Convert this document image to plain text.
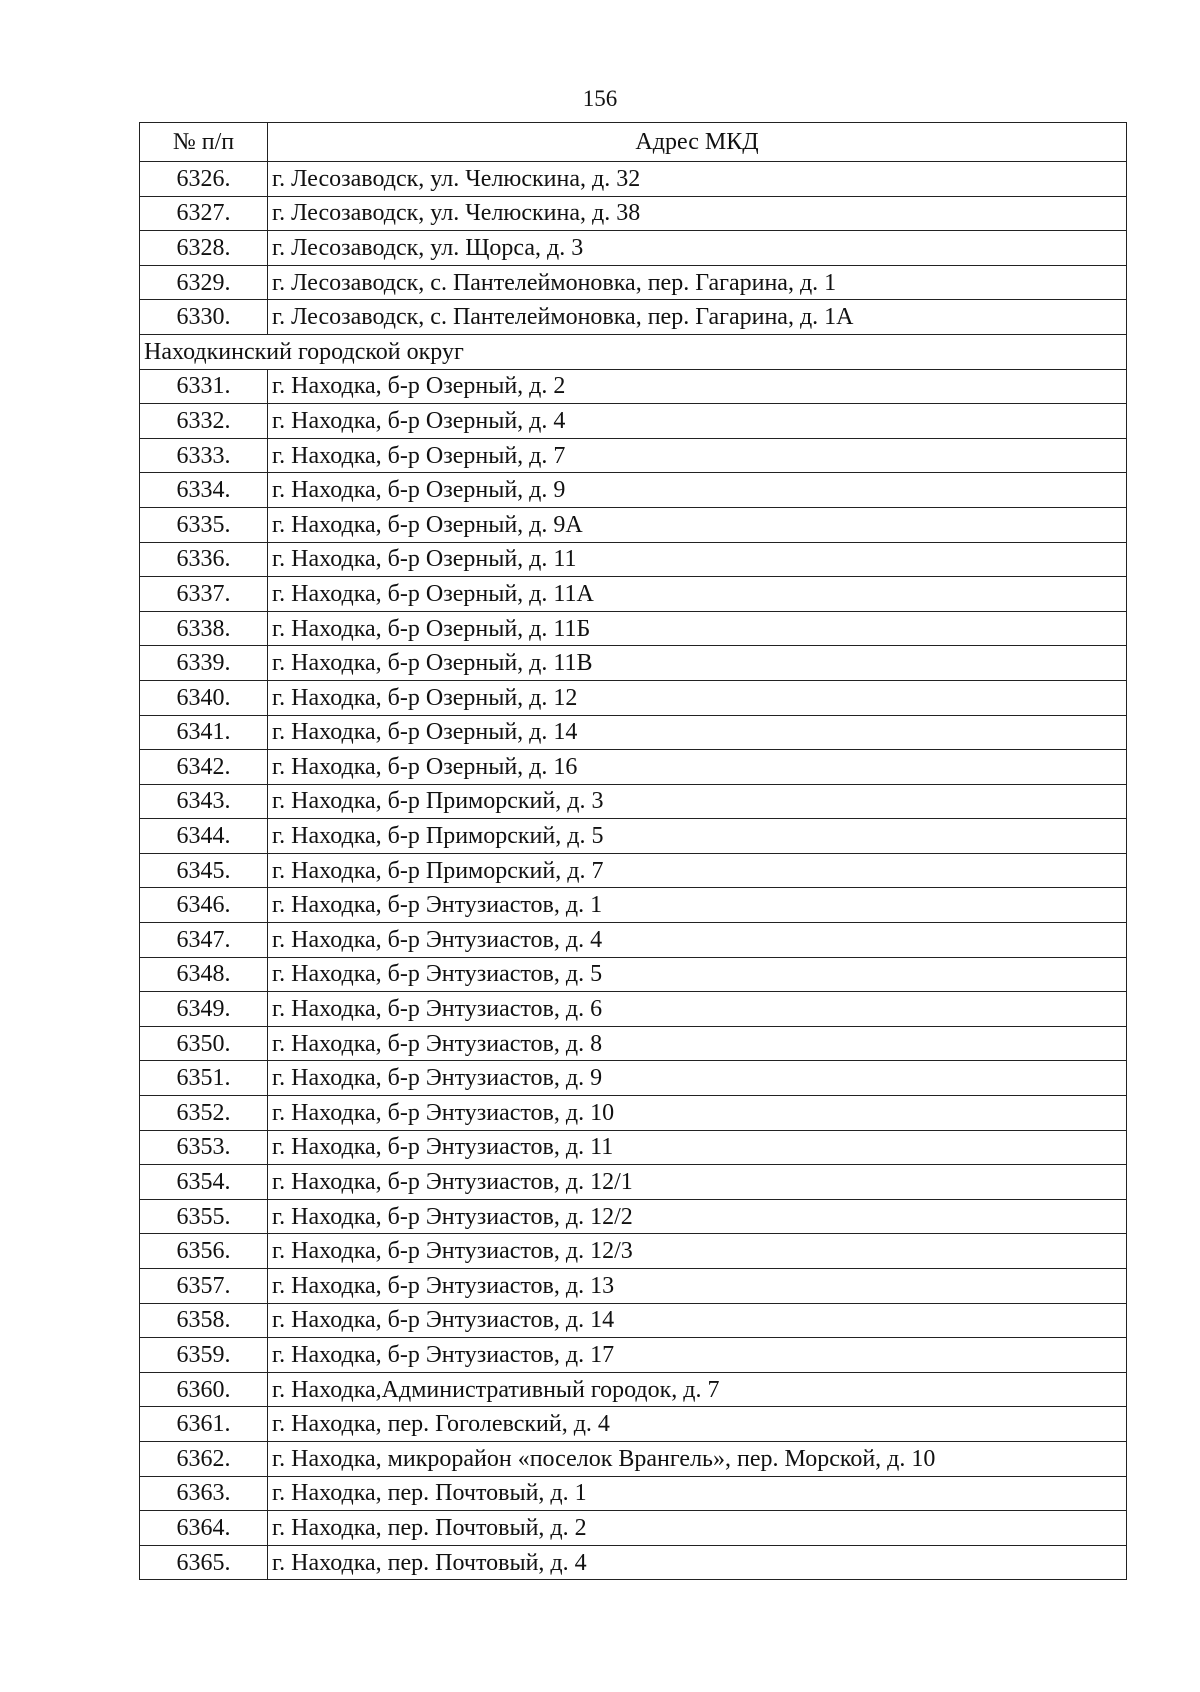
156
№ п/п	Адрес МКД
6326.	г. Лесозаводск, ул. Челюскина, д. 32
6327.	г. Лесозаводск, ул. Челюскина, д. 38
6328.	г. Лесозаводск, ул. Щорса, д. 3
6329.	г. Лесозаводск, с. Пантелеймоновка, пер. Гагарина, д. 1
6330.	г. Лесозаводск, с. Пантелеймоновка, пер. Гагарина, д. 1А
Находкинский городской округ	
6331.	г. Находка, б-р Озерный, д. 2
6332.	г. Находка, б-р Озерный, д. 4
6333.	г. Находка, б-р Озерный, д. 7
6334.	г. Находка, б-р Озерный, д. 9
6335.	г. Находка, б-р Озерный, д. 9А
6336.	г. Находка, б-р Озерный, д. 11
6337.	г. Находка, б-р Озерный, д. 11А
6338.	г. Находка, б-р Озерный, д. 11Б
6339.	г. Находка, б-р Озерный, д. 11В
6340.	г. Находка, б-р Озерный, д. 12
6341.	г. Находка, б-р Озерный, д. 14
6342.	г. Находка, б-р Озерный, д. 16
6343.	г. Находка, б-р Приморский, д. 3
6344.	г. Находка, б-р Приморский, д. 5
6345.	г. Находка, б-р Приморский, д. 7
6346.	г. Находка, б-р Энтузиастов, д. 1
6347.	г. Находка, б-р Энтузиастов, д. 4
6348.	г. Находка, б-р Энтузиастов, д. 5
6349.	г. Находка, б-р Энтузиастов, д. 6
6350.	г. Находка, б-р Энтузиастов, д. 8
6351.	г. Находка, б-р Энтузиастов, д. 9
6352.	г. Находка, б-р Энтузиастов, д. 10
6353.	г. Находка, б-р Энтузиастов, д. 11
6354.	г. Находка, б-р Энтузиастов, д. 12/1
6355.	г. Находка, б-р Энтузиастов, д. 12/2
6356.	г. Находка, б-р Энтузиастов, д. 12/3
6357.	г. Находка, б-р Энтузиастов, д. 13
6358.	г. Находка, б-р Энтузиастов, д. 14
6359.	г. Находка, б-р Энтузиастов, д. 17
6360.	г. Находка,Административный городок, д. 7
6361.	г. Находка, пер. Гоголевский, д. 4
6362.	г. Находка, микрорайон «поселок Врангель», пер. Морской, д. 10
6363.	г. Находка, пер. Почтовый, д. 1
6364.	г. Находка, пер. Почтовый, д. 2
6365.	г. Находка, пер. Почтовый, д. 4
